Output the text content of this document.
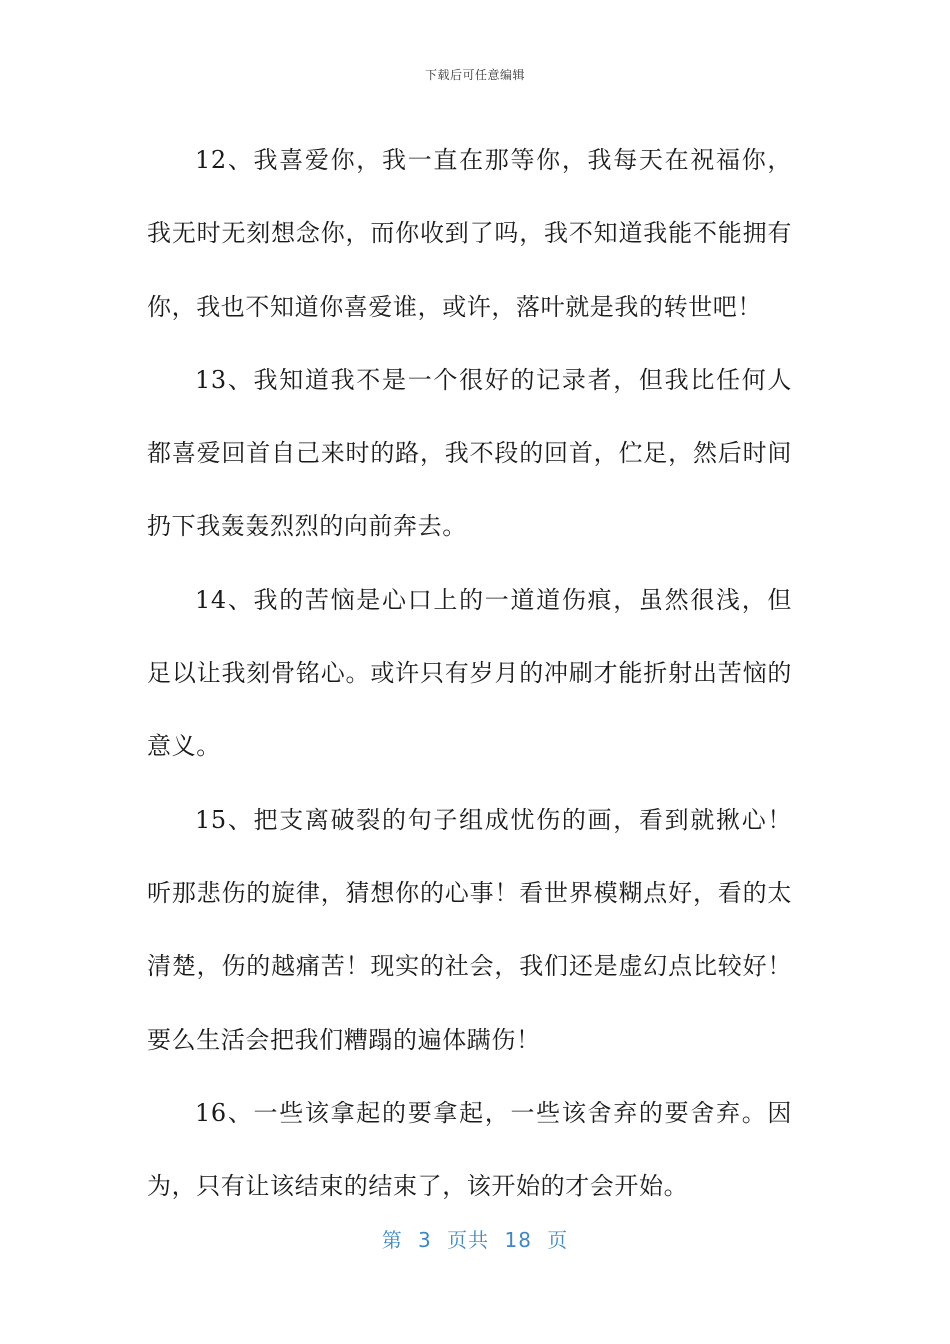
下载后可任意编辑

12、我喜爱你，我一直在那等你，我每天在祝福你，我无时无刻想念你，而你收到了吗，我不知道我能不能拥有你，我也不知道你喜爱谁，或许，落叶就是我的转世吧！

13、我知道我不是一个很好的记录者，但我比任何人都喜爱回首自己来时的路，我不段的回首，伫足，然后时间扔下我轰轰烈烈的向前奔去。

14、我的苦恼是心口上的一道道伤痕，虽然很浅，但足以让我刻骨铭心。或许只有岁月的冲刷才能折射出苦恼的意义。

15、把支离破裂的句子组成忧伤的画，看到就揪心！听那悲伤的旋律，猜想你的心事！看世界模糊点好，看的太清楚，伤的越痛苦！现实的社会，我们还是虚幻点比较好！要么生活会把我们糟蹋的遍体蹒伤！

16、一些该拿起的要拿起，一些该舍弃的要舍弃。因为，只有让该结束的结束了，该开始的才会开始。

第 3 页共 18 页
